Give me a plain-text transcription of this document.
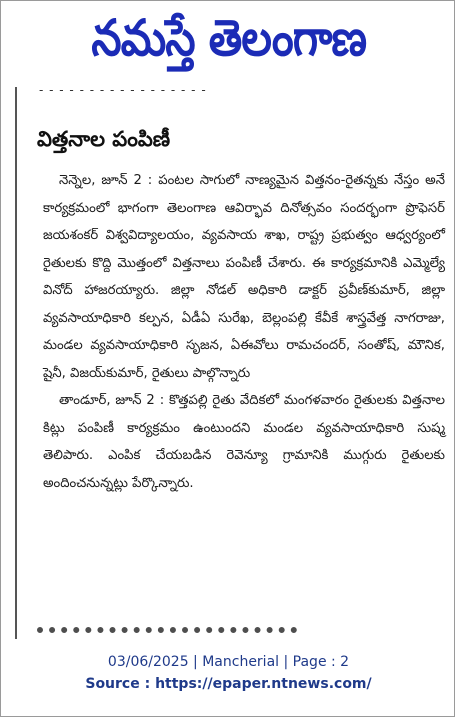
నమస్తే తెలంగాణ
- - - - - - - - - - - - - - - - -
విత్తనాల పంపిణీ

నెన్నెల, జూన్ 2 : పంటల సాగులో నాణ్యమైన విత్తనం-రైతన్నకు నేస్తం అనే కార్యక్రమంలో భాగంగా తెలంగాణ ఆవిర్భావ దినోత్సవం సందర్భంగా ప్రొఫెసర్ జయశంకర్ విశ్వవిద్యాలయం, వ్యవసాయ శాఖ, రాష్ట్ర ప్రభుత్వం ఆధ్వర్యంలో రైతులకు కొద్ది మొత్తంలో విత్తనాలు పంపిణీ చేశారు. ఈ కార్యక్రమానికి ఎమ్మెల్యే వినోద్ హాజరయ్యారు. జిల్లా నోడల్ అధికారి డాక్టర్ ప్రవీణ్‌కుమార్, జిల్లా వ్యవసాయాధికారి కల్పన, ఏడీఏ సురేఖ, బెల్లంపల్లి కేవీకే శాస్త్రవేత్త నాగరాజు, మండల వ్యవసాయాధికారి సృజన, ఏఈవోలు రామచందర్, సంతోష్, మౌనిక, షైనీ, విజయ్‌కుమార్, రైతులు పాల్గొన్నారు

తాండూర్, జూన్ 2 : కొత్తపల్లి రైతు వేదికలో మంగళవారం రైతులకు విత్తనాల కిట్లు పంపిణీ కార్యక్రమం ఉంటుందని మండల వ్యవసాయాధికారి సుష్మ తెలిపారు. ఎంపిక చేయబడిన రెవెన్యూ గ్రామానికి ముగ్గురు రైతులకు అందించనున్నట్లు పేర్కొన్నారు.

03/06/2025 | Mancherial | Page : 2
Source : https://epaper.ntnews.com/
